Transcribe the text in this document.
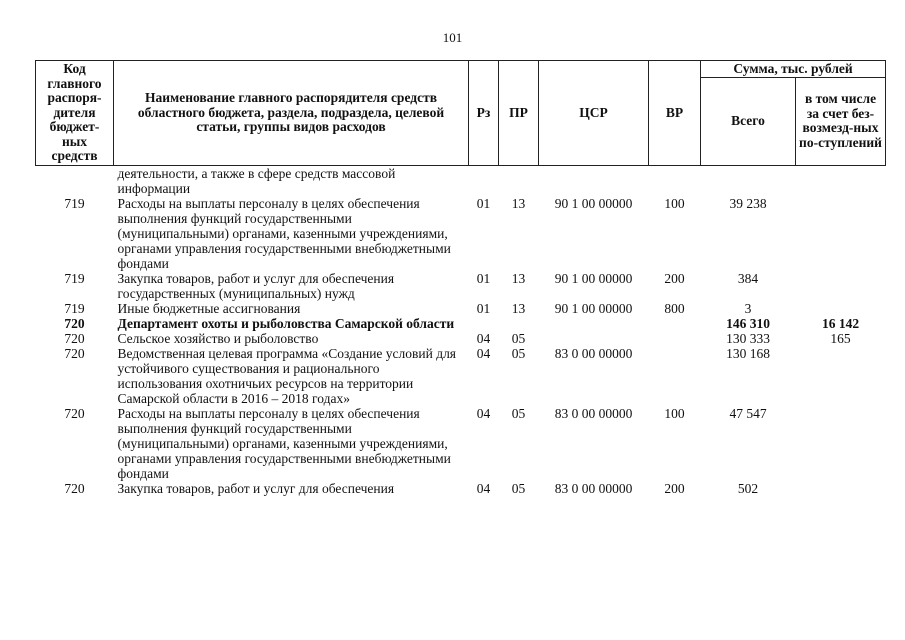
101
Код главного распоря-дителя бюджет-ных средств	Наименование главного распорядителя средств областного бюджета, раздела, подраздела, целевой статьи, группы видов расходов	Рз	ПР	ЦСР	ВР	Сумма, тыс. рублей	
						Всего	в том числе за счет без-возмезд-ных по-ступлений
	деятельности, а также в сфере средств массовой информации						
719	Расходы на выплаты персоналу в целях обеспечения выполнения функций государственными (муниципальными) органами, казенными учреждениями, органами управления государственными внебюджетными фондами	01	13	90 1 00 00000	100	39 238	
719	Закупка товаров, работ и услуг для обеспечения государственных (муниципальных) нужд	01	13	90 1 00 00000	200	384	
719	Иные бюджетные ассигнования	01	13	90 1 00 00000	800	3	
720	Департамент охоты и рыболовства Самарской области					146 310	16 142
720	Сельское хозяйство и рыболовство	04	05			130 333	165
720	Ведомственная целевая программа «Создание условий для устойчивого существования и рационального использования охотничьих ресурсов на территории Самарской области в 2016 – 2018 годах»	04	05	83 0 00 00000		130 168	
720	Расходы на выплаты персоналу в целях обеспечения выполнения функций государственными (муниципальными) органами, казенными учреждениями, органами управления государственными внебюджетными фондами	04	05	83 0 00 00000	100	47 547	
720	Закупка товаров, работ и услуг для обеспечения	04	05	83 0 00 00000	200	502	
